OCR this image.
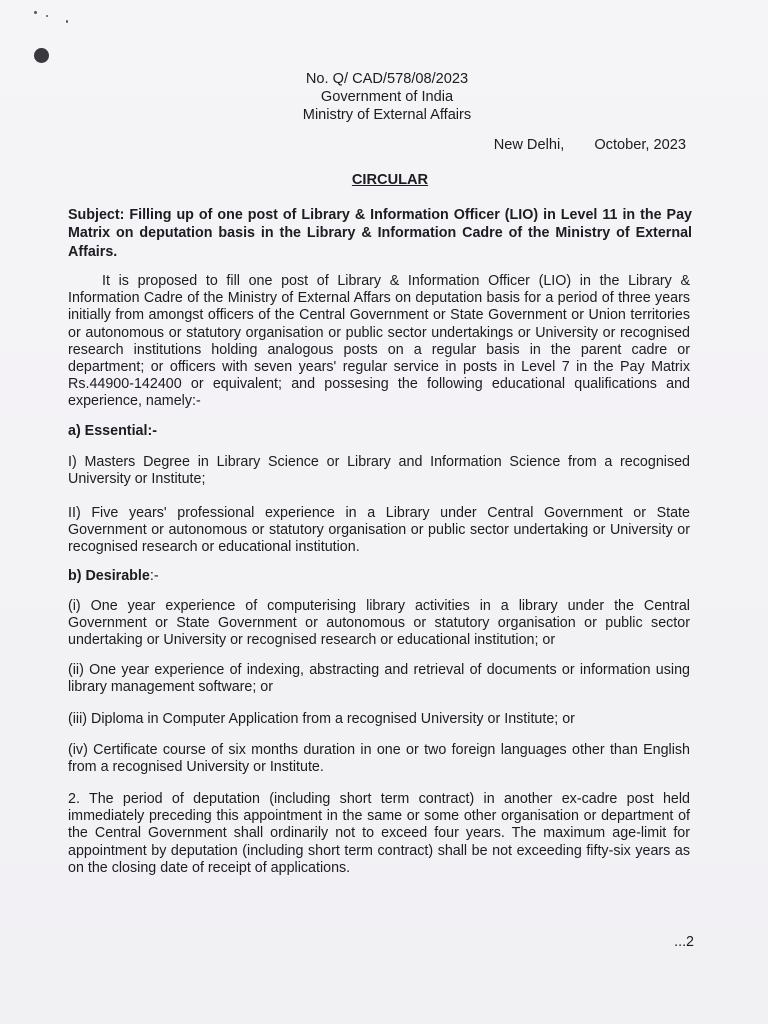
No. Q/ CAD/578/08/2023
Government of India
Ministry of External Affairs
New Delhi, October, 2023
CIRCULAR
Subject: Filling up of one post of Library & Information Officer (LIO) in Level 11 in the Pay Matrix on deputation basis in the Library & Information Cadre of the Ministry of External Affairs.
It is proposed to fill one post of Library & Information Officer (LIO) in the Library & Information Cadre of the Ministry of External Affars on deputation basis for a period of three years initially from amongst officers of the Central Government or State Government or Union territories or autonomous or statutory organisation or public sector undertakings or University or recognised research institutions holding analogous posts on a regular basis in the parent cadre or department; or officers with seven years' regular service in posts in Level 7 in the Pay Matrix Rs.44900-142400 or equivalent; and possesing the following educational qualifications and experience, namely:-
a) Essential:-
I) Masters Degree in Library Science or Library and Information Science from a recognised University or Institute;
II) Five years' professional experience in a Library under Central Government or State Government or autonomous or statutory organisation or public sector undertaking or University or recognised research or educational institution.
b) Desirable:-
(i) One year experience of computerising library activities in a library under the Central Government or State Government or autonomous or statutory organisation or public sector undertaking or University or recognised research or educational institution; or
(ii) One year experience of indexing, abstracting and retrieval of documents or information using library management software; or
(iii) Diploma in Computer Application from a recognised University or Institute; or
(iv) Certificate course of six months duration in one or two foreign languages other than English from a recognised University or Institute.
2. The period of deputation (including short term contract) in another ex-cadre post held immediately preceding this appointment in the same or some other organisation or department of the Central Government shall ordinarily not to exceed four years. The maximum age-limit for appointment by deputation (including short term contract) shall be not exceeding fifty-six years as on the closing date of receipt of applications.
...2
